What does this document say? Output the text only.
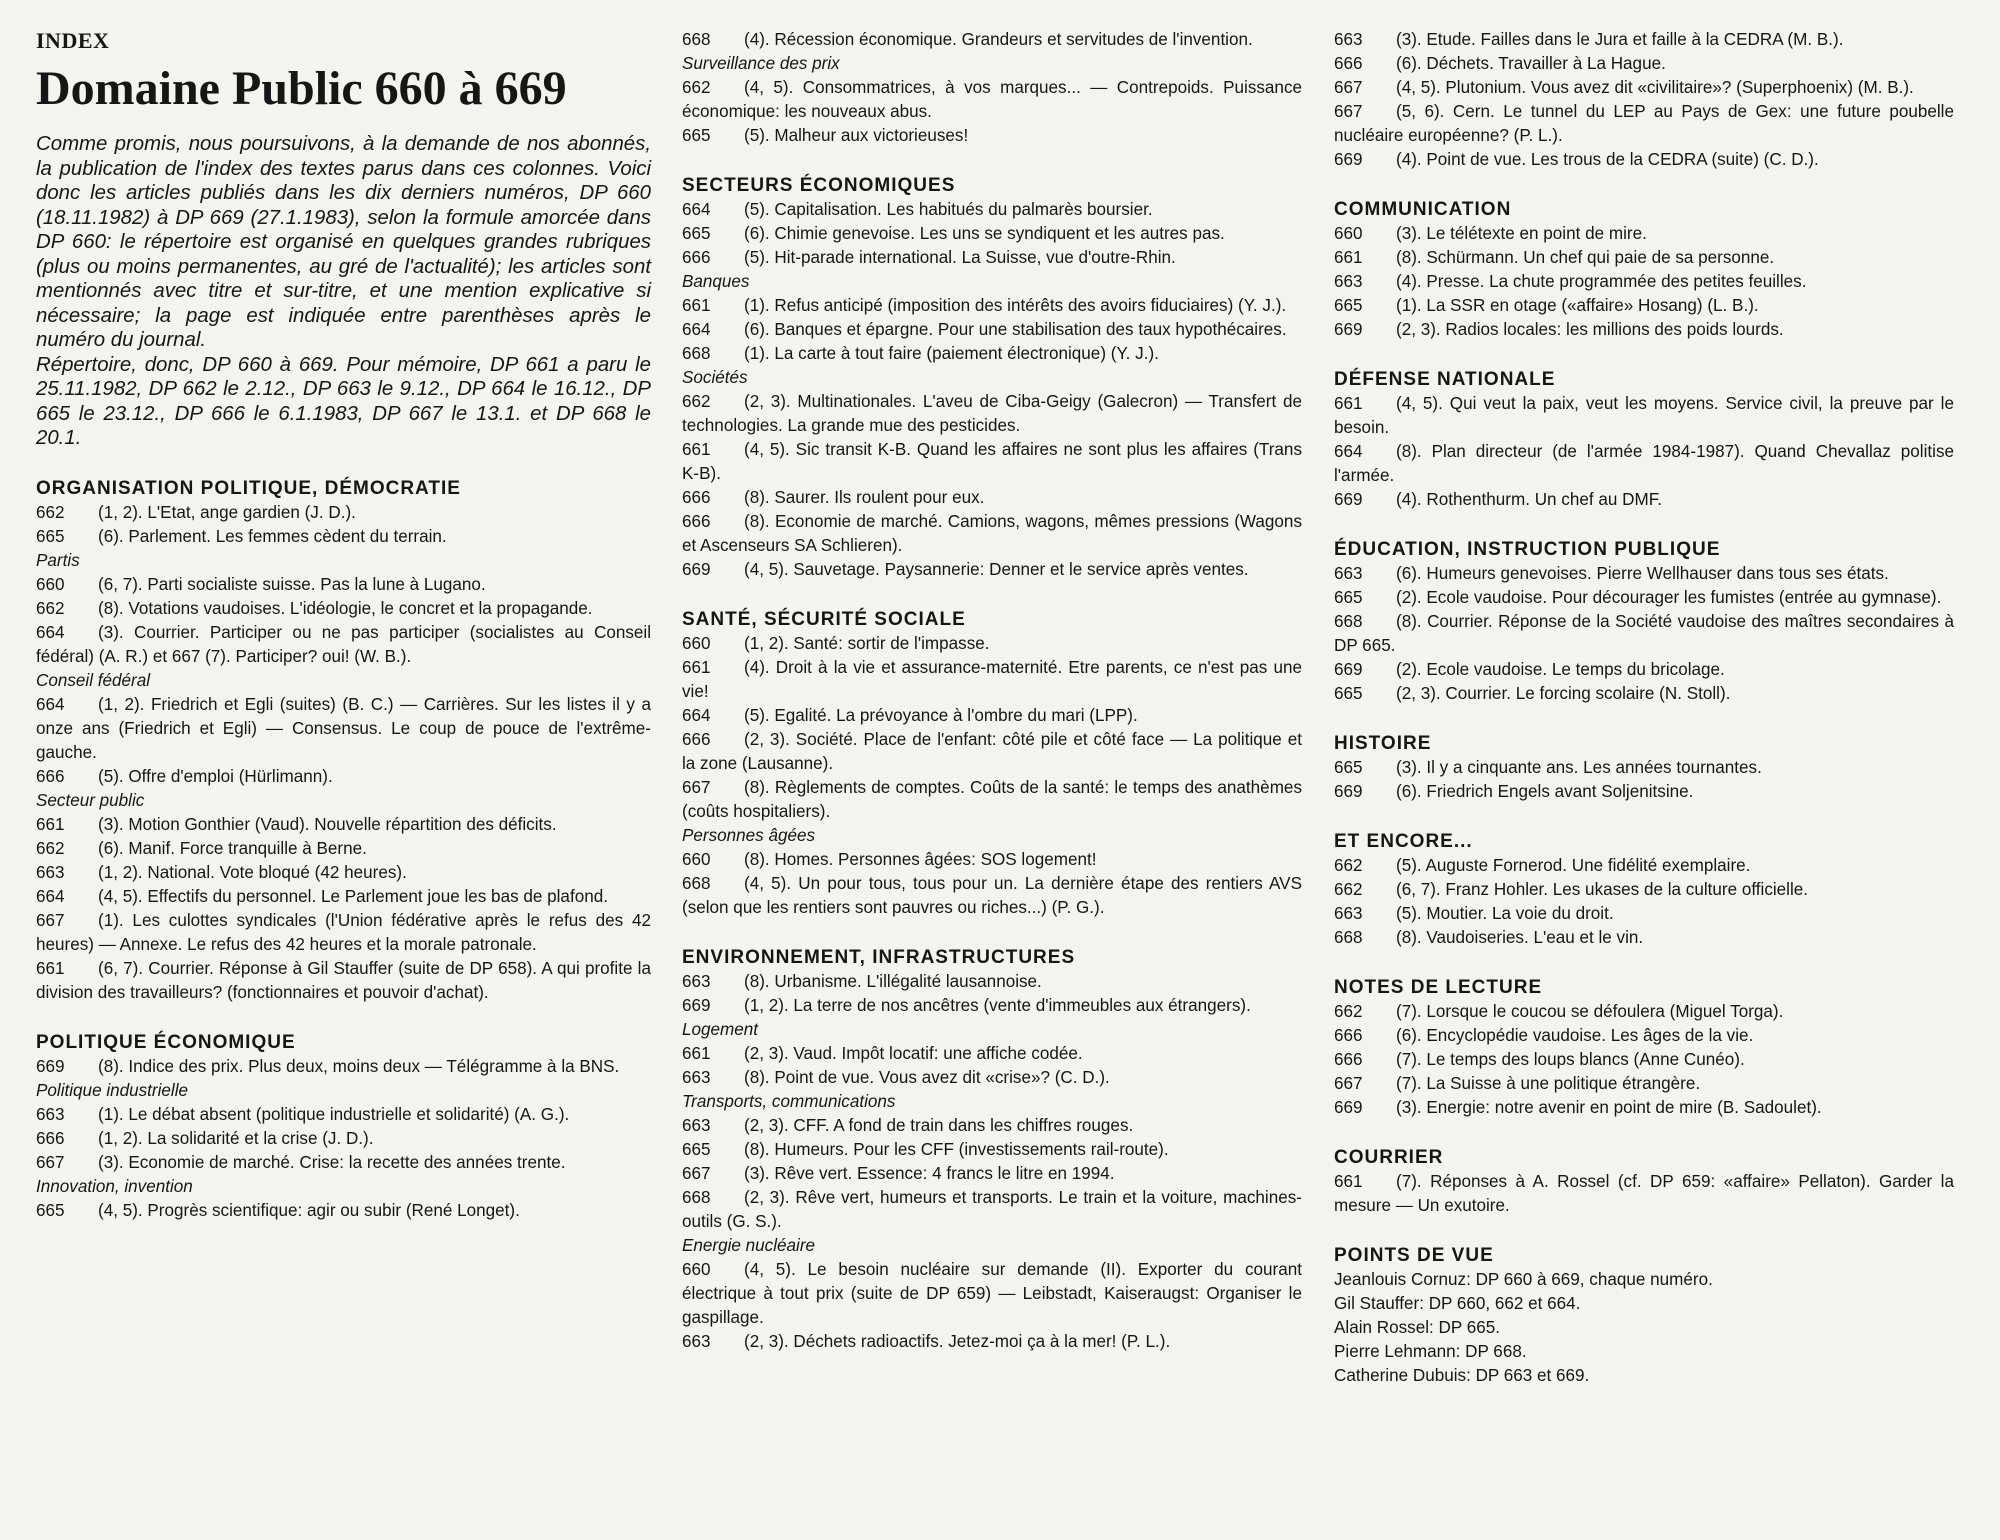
INDEX
Domaine Public 660 à 669

Comme promis, nous poursuivons, à la demande de nos abonnés, la publication de l'index des textes parus dans ces colonnes. Voici donc les articles publiés dans les dix derniers numéros, DP 660 (18.11.1982) à DP 669 (27.1.1983), selon la formule amorcée dans DP 660: le répertoire est organisé en quelques grandes rubriques (plus ou moins permanentes, au gré de l'actualité); les articles sont mentionnés avec titre et sur-titre, et une mention explicative si nécessaire; la page est indiquée entre parenthèses après le numéro du journal.

Répertoire, donc, DP 660 à 669. Pour mémoire, DP 661 a paru le 25.11.1982, DP 662 le 2.12., DP 663 le 9.12., DP 664 le 16.12., DP 665 le 23.12., DP 666 le 6.1.1983, DP 667 le 13.1. et DP 668 le 20.1.

ORGANISATION POLITIQUE, DÉMOCRATIE
662 (1, 2). L'Etat, ange gardien (J. D.).
665 (6). Parlement. Les femmes cèdent du terrain.
Partis
660 (6, 7). Parti socialiste suisse. Pas la lune à Lugano.
662 (8). Votations vaudoises. L'idéologie, le concret et la propagande.
664 (3). Courrier. Participer ou ne pas participer (socialistes au Conseil fédéral) (A. R.) et 667 (7). Participer? oui! (W. B.).
Conseil fédéral
664 (1, 2). Friedrich et Egli (suites) (B. C.) — Carrières. Sur les listes il y a onze ans (Friedrich et Egli) — Consensus. Le coup de pouce de l'extrême-gauche.
666 (5). Offre d'emploi (Hürlimann).
Secteur public
661 (3). Motion Gonthier (Vaud). Nouvelle répartition des déficits.
662 (6). Manif. Force tranquille à Berne.
663 (1, 2). National. Vote bloqué (42 heures).
664 (4, 5). Effectifs du personnel. Le Parlement joue les bas de plafond.
667 (1). Les culottes syndicales (l'Union fédérative après le refus des 42 heures) — Annexe. Le refus des 42 heures et la morale patronale.
661 (6, 7). Courrier. Réponse à Gil Stauffer (suite de DP 658). A qui profite la division des travailleurs? (fonctionnaires et pouvoir d'achat).
POLITIQUE ÉCONOMIQUE
669 (8). Indice des prix. Plus deux, moins deux — Télégramme à la BNS.
Politique industrielle
663 (1). Le débat absent (politique industrielle et solidarité) (A. G.).
666 (1, 2). La solidarité et la crise (J. D.).
667 (3). Economie de marché. Crise: la recette des années trente.
Innovation, invention
665 (4, 5). Progrès scientifique: agir ou subir (René Longet).
668 (4). Récession économique. Grandeurs et servitudes de l'invention.
Surveillance des prix
662 (4, 5). Consommatrices, à vos marques... — Contrepoids. Puissance économique: les nouveaux abus.
665 (5). Malheur aux victorieuses!
SECTEURS ÉCONOMIQUES
664 (5). Capitalisation. Les habitués du palmarès boursier.
665 (6). Chimie genevoise. Les uns se syndiquent et les autres pas.
666 (5). Hit-parade international. La Suisse, vue d'outre-Rhin.
Banques
661 (1). Refus anticipé (imposition des intérêts des avoirs fiduciaires) (Y. J.).
664 (6). Banques et épargne. Pour une stabilisation des taux hypothécaires.
668 (1). La carte à tout faire (paiement électronique) (Y. J.).
Sociétés
662 (2, 3). Multinationales. L'aveu de Ciba-Geigy (Galecron) — Transfert de technologies. La grande mue des pesticides.
661 (4, 5). Sic transit K-B. Quand les affaires ne sont plus les affaires (Trans K-B).
666 (8). Saurer. Ils roulent pour eux.
666 (8). Economie de marché. Camions, wagons, mêmes pressions (Wagons et Ascenseurs SA Schlieren).
669 (4, 5). Sauvetage. Paysannerie: Denner et le service après ventes.
SANTÉ, SÉCURITÉ SOCIALE
660 (1, 2). Santé: sortir de l'impasse.
661 (4). Droit à la vie et assurance-maternité. Etre parents, ce n'est pas une vie!
664 (5). Egalité. La prévoyance à l'ombre du mari (LPP).
666 (2, 3). Société. Place de l'enfant: côté pile et côté face — La politique et la zone (Lausanne).
667 (8). Règlements de comptes. Coûts de la santé: le temps des anathèmes (coûts hospitaliers).
Personnes âgées
660 (8). Homes. Personnes âgées: SOS logement!
668 (4, 5). Un pour tous, tous pour un. La dernière étape des rentiers AVS (selon que les rentiers sont pauvres ou riches...) (P. G.).
ENVIRONNEMENT, INFRASTRUCTURES
663 (8). Urbanisme. L'illégalité lausannoise.
669 (1, 2). La terre de nos ancêtres (vente d'immeubles aux étrangers).
Logement
661 (2, 3). Vaud. Impôt locatif: une affiche codée.
663 (8). Point de vue. Vous avez dit «crise»? (C. D.).
Transports, communications
663 (2, 3). CFF. A fond de train dans les chiffres rouges.
665 (8). Humeurs. Pour les CFF (investissements rail-route).
667 (3). Rêve vert. Essence: 4 francs le litre en 1994.
668 (2, 3). Rêve vert, humeurs et transports. Le train et la voiture, machines-outils (G. S.).
Energie nucléaire
660 (4, 5). Le besoin nucléaire sur demande (II). Exporter du courant électrique à tout prix (suite de DP 659) — Leibstadt, Kaiseraugst: Organiser le gaspillage.
663 (2, 3). Déchets radioactifs. Jetez-moi ça à la mer! (P. L.).
663 (3). Etude. Failles dans le Jura et faille à la CEDRA (M. B.).
666 (6). Déchets. Travailler à La Hague.
667 (4, 5). Plutonium. Vous avez dit «civilitaire»? (Superphoenix) (M. B.).
667 (5, 6). Cern. Le tunnel du LEP au Pays de Gex: une future poubelle nucléaire européenne? (P. L.).
669 (4). Point de vue. Les trous de la CEDRA (suite) (C. D.).
COMMUNICATION
660 (3). Le télétexte en point de mire.
661 (8). Schürmann. Un chef qui paie de sa personne.
663 (4). Presse. La chute programmée des petites feuilles.
665 (1). La SSR en otage («affaire» Hosang) (L. B.).
669 (2, 3). Radios locales: les millions des poids lourds.
DÉFENSE NATIONALE
661 (4, 5). Qui veut la paix, veut les moyens. Service civil, la preuve par le besoin.
664 (8). Plan directeur (de l'armée 1984-1987). Quand Chevallaz politise l'armée.
669 (4). Rothenthurm. Un chef au DMF.
ÉDUCATION, INSTRUCTION PUBLIQUE
663 (6). Humeurs genevoises. Pierre Wellhauser dans tous ses états.
665 (2). Ecole vaudoise. Pour décourager les fumistes (entrée au gymnase).
668 (8). Courrier. Réponse de la Société vaudoise des maîtres secondaires à DP 665.
669 (2). Ecole vaudoise. Le temps du bricolage.
665 (2, 3). Courrier. Le forcing scolaire (N. Stoll).
HISTOIRE
665 (3). Il y a cinquante ans. Les années tournantes.
669 (6). Friedrich Engels avant Soljenitsine.
ET ENCORE...
662 (5). Auguste Fornerod. Une fidélité exemplaire.
662 (6, 7). Franz Hohler. Les ukases de la culture officielle.
663 (5). Moutier. La voie du droit.
668 (8). Vaudoiseries. L'eau et le vin.
NOTES DE LECTURE
662 (7). Lorsque le coucou se défoulera (Miguel Torga).
666 (6). Encyclopédie vaudoise. Les âges de la vie.
666 (7). Le temps des loups blancs (Anne Cunéo).
667 (7). La Suisse à une politique étrangère.
669 (3). Energie: notre avenir en point de mire (B. Sadoulet).
COURRIER
661 (7). Réponses à A. Rossel (cf. DP 659: «affaire» Pellaton). Garder la mesure — Un exutoire.
POINTS DE VUE
Jeanlouis Cornuz: DP 660 à 669, chaque numéro.
Gil Stauffer: DP 660, 662 et 664.
Alain Rossel: DP 665.
Pierre Lehmann: DP 668.
Catherine Dubuis: DP 663 et 669.
